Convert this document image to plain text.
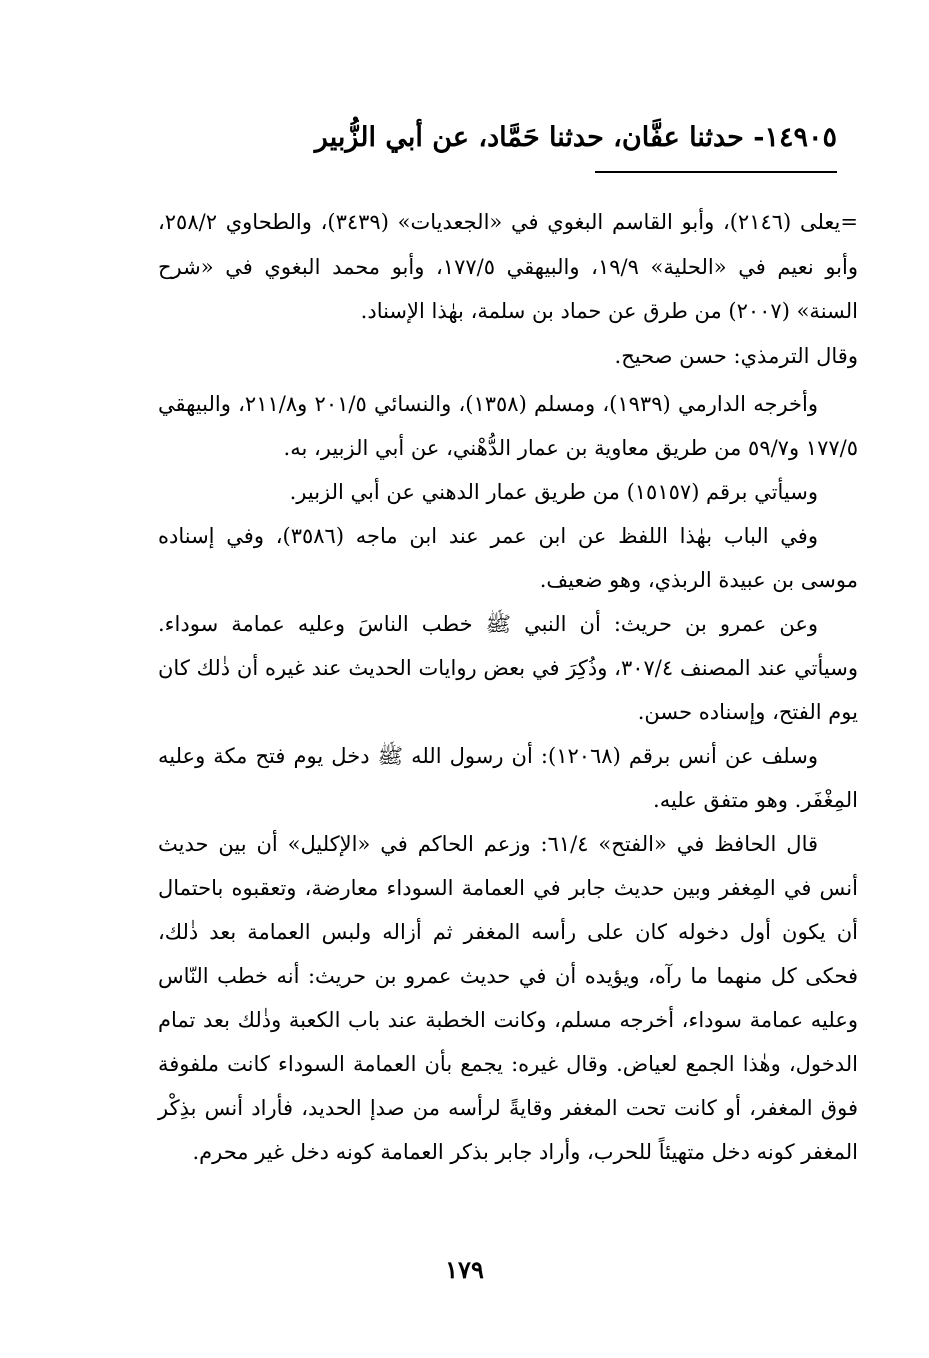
١٤٩٠٥- حدثنا عفَّان، حدثنا حَمَّاد، عن أبي الزُّبير

=يعلى (٢١٤٦)، وأبو القاسم البغوي في «الجعديات» (٣٤٣٩)، والطحاوي ٢٥٨/٢، وأبو نعيم في «الحلية» ١٩/٩، والبيهقي ١٧٧/٥، وأبو محمد البغوي في «شرح السنة» (٢٠٠٧) من طرق عن حماد بن سلمة، بهٰذا الإسناد.

وقال الترمذي: حسن صحيح.

وأخرجه الدارمي (١٩٣٩)، ومسلم (١٣٥٨)، والنسائي ٢٠١/٥ و٢١١/٨، والبيهقي ١٧٧/٥ و٥٩/٧ من طريق معاوية بن عمار الدُّهْني، عن أبي الزبير، به.

وسيأتي برقم (١٥١٥٧) من طريق عمار الدهني عن أبي الزبير.

وفي الباب بهٰذا اللفظ عن ابن عمر عند ابن ماجه (٣٥٨٦)، وفي إسناده موسى بن عبيدة الربذي، وهو ضعيف.

وعن عمرو بن حريث: أن النبي ﷺ خطب الناسَ وعليه عمامة سوداء. وسيأتي عند المصنف ٣٠٧/٤، وذُكِرَ في بعض روايات الحديث عند غيره أن ذٰلك كان يوم الفتح، وإسناده حسن.

وسلف عن أنس برقم (١٢٠٦٨): أن رسول الله ﷺ دخل يوم فتح مكة وعليه المِغْفَر. وهو متفق عليه.

قال الحافظ في «الفتح» ٦١/٤: وزعم الحاكم في «الإكليل» أن بين حديث أنس في المِغفر وبين حديث جابر في العمامة السوداء معارضة، وتعقبوه باحتمال أن يكون أول دخوله كان على رأسه المغفر ثم أزاله ولبس العمامة بعد ذٰلك، فحكى كل منهما ما رآه، ويؤيده أن في حديث عمرو بن حريث: أنه خطب النّاس وعليه عمامة سوداء، أخرجه مسلم، وكانت الخطبة عند باب الكعبة وذٰلك بعد تمام الدخول، وهٰذا الجمع لعياض. وقال غيره: يجمع بأن العمامة السوداء كانت ملفوفة فوق المغفر، أو كانت تحت المغفر وقايةً لرأسه من صدإ الحديد، فأراد أنس بذِكْر المغفر كونه دخل متهيئاً للحرب، وأراد جابر بذكر العمامة كونه دخل غير محرم.

١٧٩
